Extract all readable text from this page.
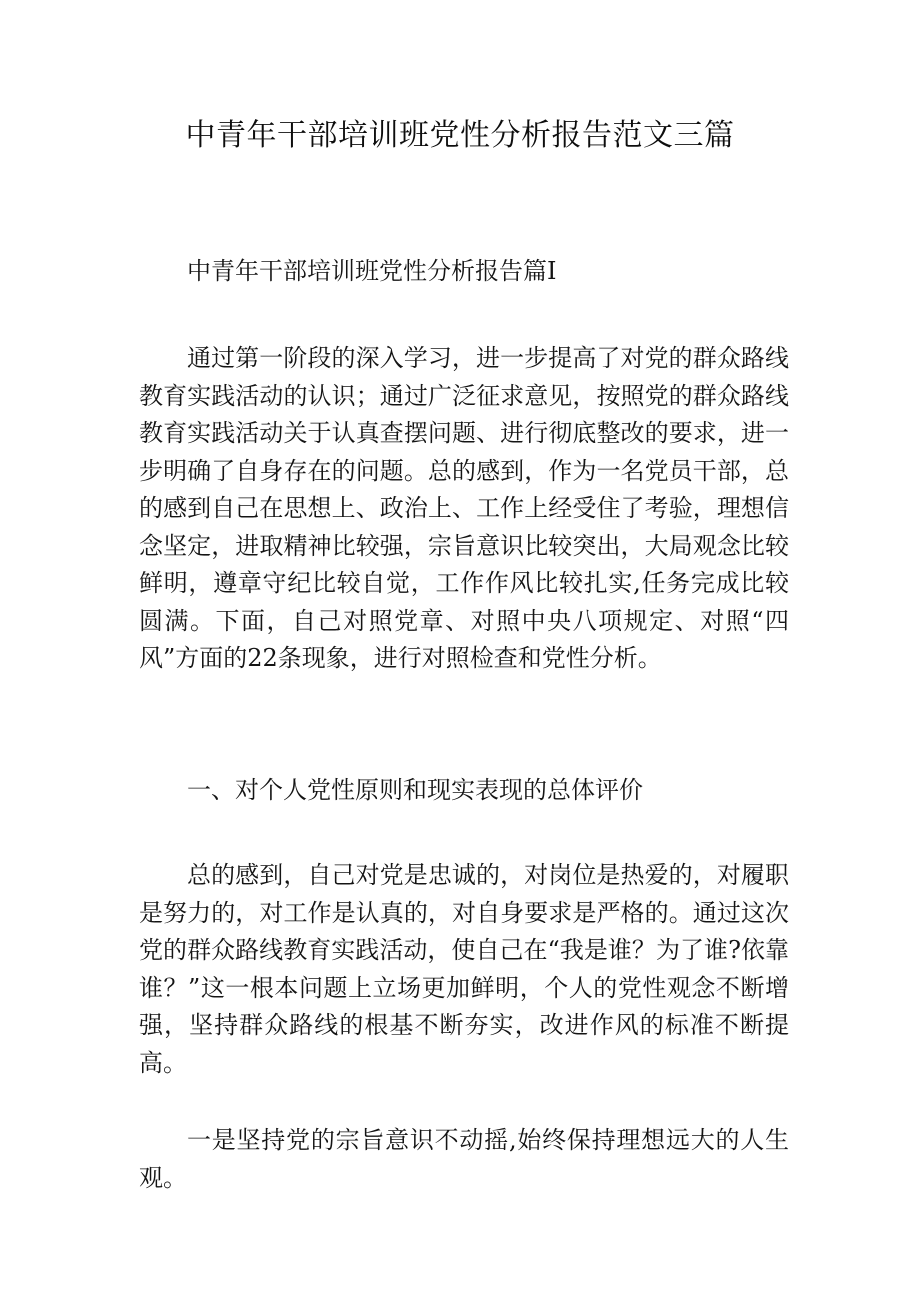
中青年干部培训班党性分析报告范文三篇

中青年干部培训班党性分析报告篇Ⅰ

通过第一阶段的深入学习，进一步提高了对党的群众路线教育实践活动的认识；通过广泛征求意见，按照党的群众路线教育实践活动关于认真查摆问题、进行彻底整改的要求，进一步明确了自身存在的问题。总的感到，作为一名党员干部，总的感到自己在思想上、政治上、工作上经受住了考验，理想信念坚定，进取精神比较强，宗旨意识比较突出，大局观念比较鲜明，遵章守纪比较自觉，工作作风比较扎实,任务完成比较圆满。下面，自己对照党章、对照中央八项规定、对照“四风”方面的22条现象，进行对照检查和党性分析。

一、对个人党性原则和现实表现的总体评价

总的感到，自己对党是忠诚的，对岗位是热爱的，对履职是努力的，对工作是认真的，对自身要求是严格的。通过这次党的群众路线教育实践活动，使自己在“我是谁？为了谁?依靠谁？”这一根本问题上立场更加鲜明，个人的党性观念不断增强，坚持群众路线的根基不断夯实，改进作风的标准不断提高。

一是坚持党的宗旨意识不动摇,始终保持理想远大的人生观。
